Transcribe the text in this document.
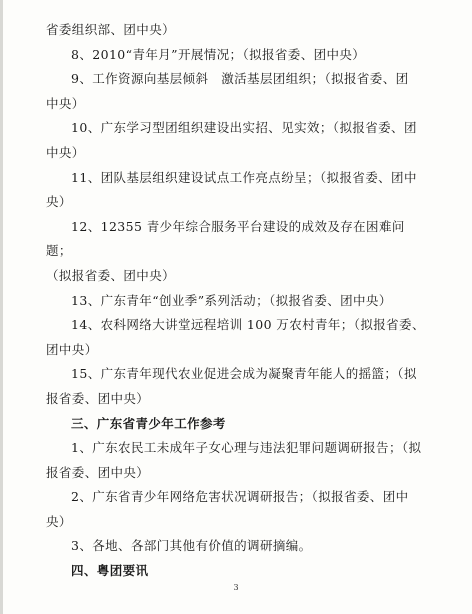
省委组织部、团中央）

8、2010“青年月”开展情况；（拟报省委、团中央）

9、工作资源向基层倾斜　激活基层团组织；（拟报省委、团

中央）

10、广东学习型团组织建设出实招、见实效；（拟报省委、团

中央）

11、团队基层组织建设试点工作亮点纷呈；（拟报省委、团中

央）

12、12355 青少年综合服务平台建设的成效及存在困难问题；

（拟报省委、团中央）

13、广东青年“创业季”系列活动；（拟报省委、团中央）

14、农科网络大讲堂远程培训 100 万农村青年；（拟报省委、

团中央）

15、广东青年现代农业促进会成为凝聚青年能人的摇篮；（拟

报省委、团中央）

三、广东省青少年工作参考

1、广东农民工未成年子女心理与违法犯罪问题调研报告；（拟

报省委、团中央）

2、广东省青少年网络危害状况调研报告；（拟报省委、团中

央）

3、各地、各部门其他有价值的调研摘编。

四、粤团要讯

3
